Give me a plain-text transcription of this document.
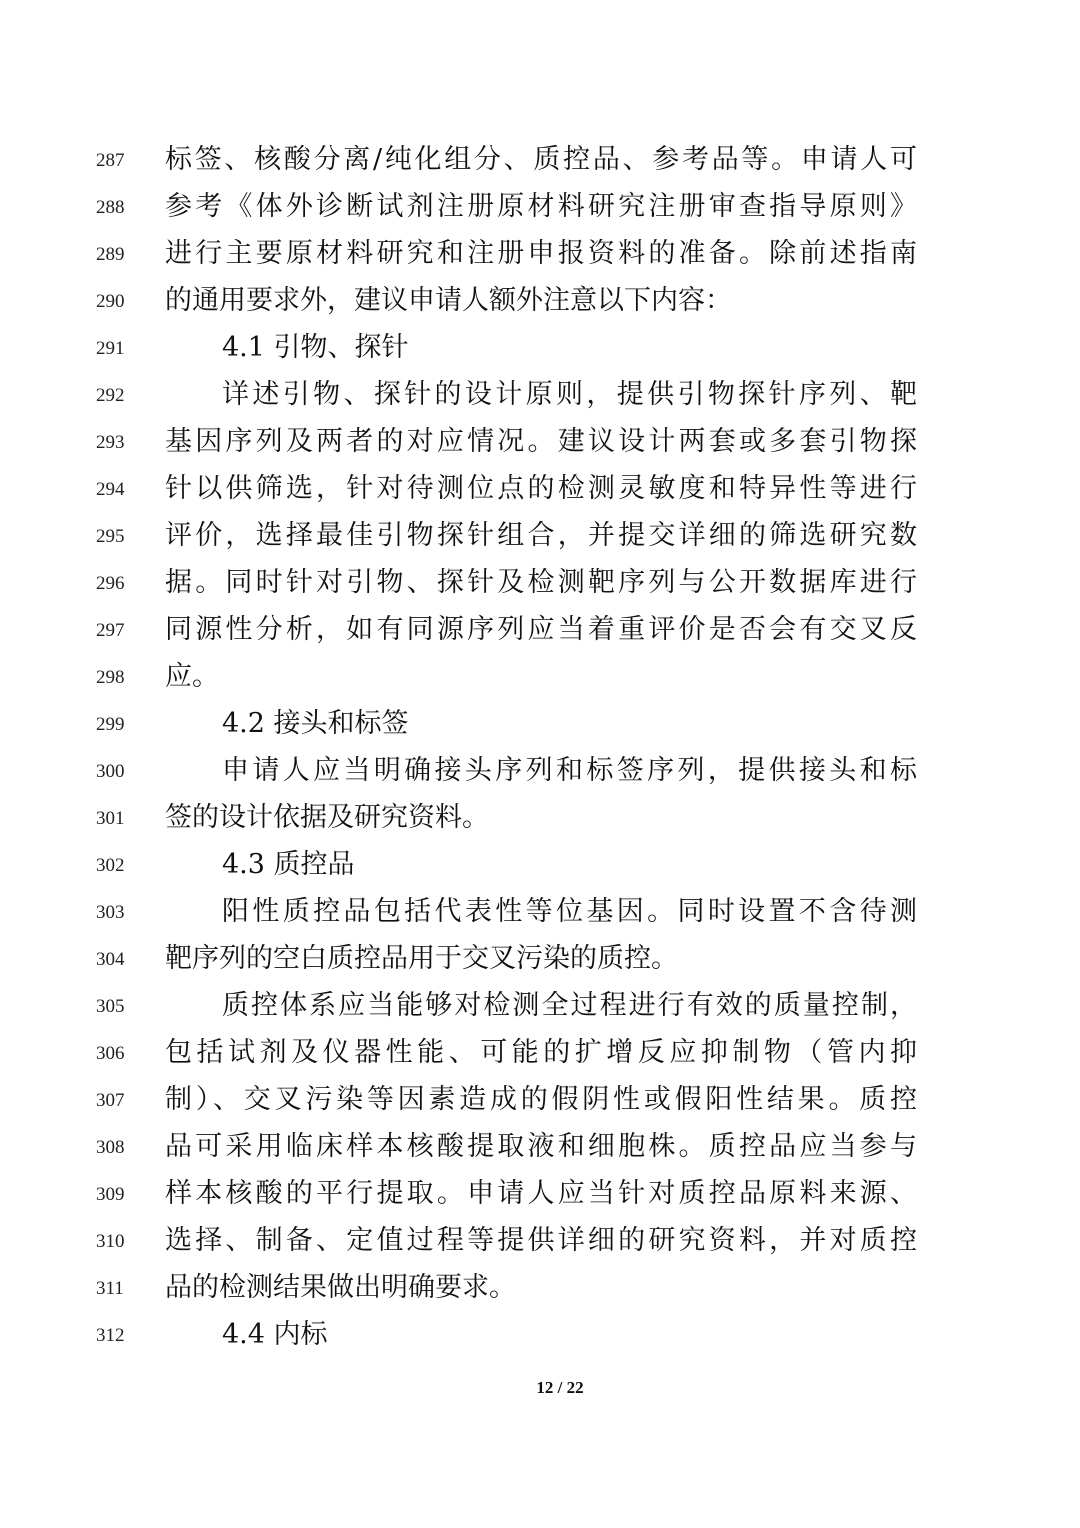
287 标签、核酸分离/纯化组分、质控品、参考品等。申请人可
288 参考《体外诊断试剂注册原材料研究注册审查指导原则》
289 进行主要原材料研究和注册申报资料的准备。除前述指南
290 的通用要求外，建议申请人额外注意以下内容：
291	4.1 引物、探针
292	详述引物、探针的设计原则，提供引物探针序列、靶
293 基因序列及两者的对应情况。建议设计两套或多套引物探
294 针以供筛选，针对待测位点的检测灵敏度和特异性等进行
295 评价，选择最佳引物探针组合，并提交详细的筛选研究数
296 据。同时针对引物、探针及检测靶序列与公开数据库进行
297 同源性分析，如有同源序列应当着重评价是否会有交叉反
298 应。
299	4.2 接头和标签
300	申请人应当明确接头序列和标签序列，提供接头和标
301 签的设计依据及研究资料。
302	4.3 质控品
303	阳性质控品包括代表性等位基因。同时设置不含待测
304 靶序列的空白质控品用于交叉污染的质控。
305	质控体系应当能够对检测全过程进行有效的质量控制，
306 包括试剂及仪器性能、可能的扩增反应抑制物（管内抑
307 制）、交叉污染等因素造成的假阴性或假阳性结果。质控
308 品可采用临床样本核酸提取液和细胞株。质控品应当参与
309 样本核酸的平行提取。申请人应当针对质控品原料来源、
310 选择、制备、定值过程等提供详细的研究资料，并对质控
311	品的检测结果做出明确要求。
312	4.4 内标
12 / 22
